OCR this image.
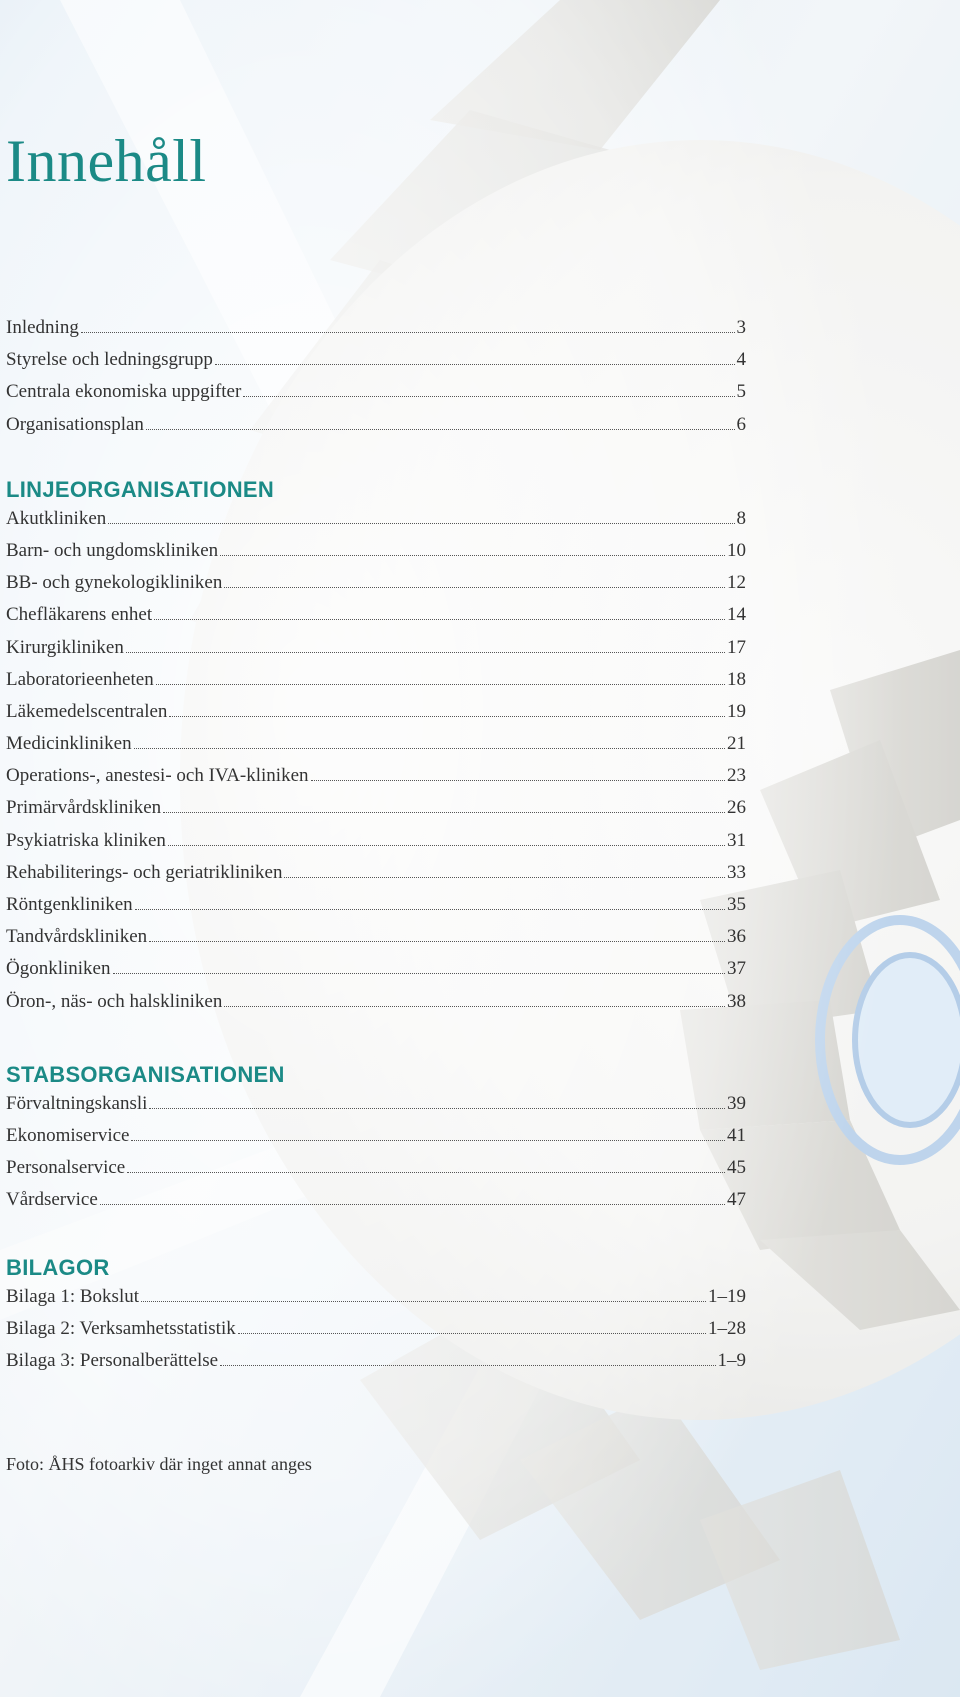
Innehåll
Inledning	3
Styrelse och ledningsgrupp	4
Centrala ekonomiska uppgifter	5
Organisationsplan	6
LINJEORGANISATIONEN
Akutkliniken	8
Barn- och ungdomskliniken	10
BB- och gynekologikliniken	12
Chefläkarens enhet	14
Kirurgikliniken	17
Laboratorieenheten	18
Läkemedelscentralen	19
Medicinkliniken	21
Operations-, anestesi- och IVA-kliniken	23
Primärvårdskliniken	26
Psykiatriska kliniken	31
Rehabiliterings- och geriatrikliniken	33
Röntgenkliniken	35
Tandvårdskliniken	36
Ögonkliniken	37
Öron-, näs- och halskliniken	38
STABSORGANISATIONEN
Förvaltningskansli	39
Ekonomiservice	41
Personalservice	45
Vårdservice	47
BILAGOR
Bilaga 1: Bokslut	1–19
Bilaga 2: Verksamhetsstatistik	1–28
Bilaga 3: Personalberättelse	1–9

Foto: ÅHS fotoarkiv där inget annat anges
